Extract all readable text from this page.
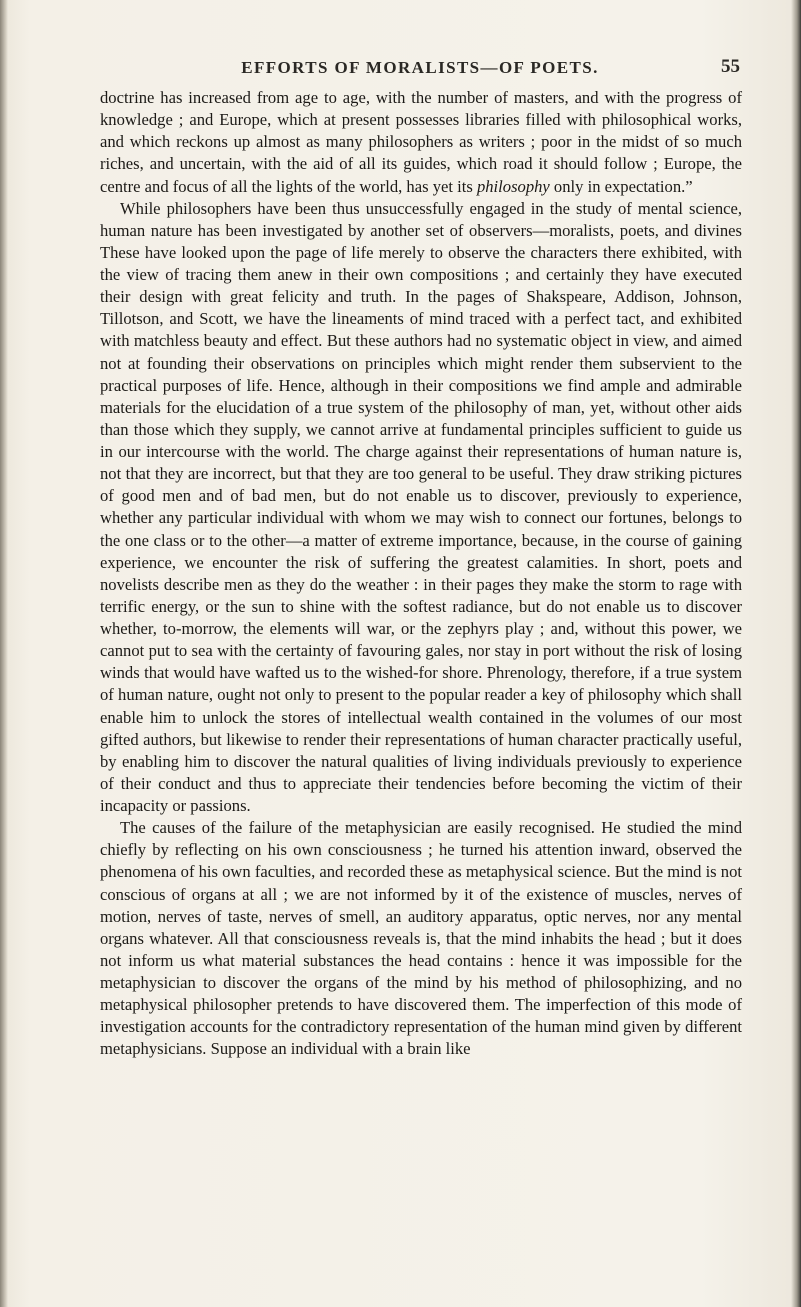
EFFORTS OF MORALISTS—OF POETS.	55

doctrine has increased from age to age, with the number of masters, and with the progress of knowledge ; and Europe, which at present possesses libraries filled with philosophical works, and which reckons up almost as many philosophers as writers ; poor in the midst of so much riches, and uncertain, with the aid of all its guides, which road it should follow ; Europe, the centre and focus of all the lights of the world, has yet its philosophy only in expectation.”

While philosophers have been thus unsuccessfully engaged in the study of mental science, human nature has been investigated by another set of observers—moralists, poets, and divines These have looked upon the page of life merely to observe the characters there exhibited, with the view of tracing them anew in their own compositions ; and certainly they have executed their design with great felicity and truth. In the pages of Shakspeare, Addison, Johnson, Tillotson, and Scott, we have the lineaments of mind traced with a perfect tact, and exhibited with matchless beauty and effect. But these authors had no systematic object in view, and aimed not at founding their observations on principles which might render them subservient to the practical purposes of life. Hence, although in their compositions we find ample and admirable materials for the elucidation of a true system of the philosophy of man, yet, without other aids than those which they supply, we cannot arrive at fundamental principles sufficient to guide us in our intercourse with the world. The charge against their representations of human nature is, not that they are incorrect, but that they are too general to be useful. They draw striking pictures of good men and of bad men, but do not enable us to discover, previously to experience, whether any particular individual with whom we may wish to connect our fortunes, belongs to the one class or to the other—a matter of extreme importance, because, in the course of gaining experience, we encounter the risk of suffering the greatest calamities. In short, poets and novelists describe men as they do the weather : in their pages they make the storm to rage with terrific energy, or the sun to shine with the softest radiance, but do not enable us to discover whether, to-morrow, the elements will war, or the zephyrs play ; and, without this power, we cannot put to sea with the certainty of favouring gales, nor stay in port without the risk of losing winds that would have wafted us to the wished-for shore. Phrenology, therefore, if a true system of human nature, ought not only to present to the popular reader a key of philosophy which shall enable him to unlock the stores of intellectual wealth contained in the volumes of our most gifted authors, but likewise to render their representations of human character practically useful, by enabling him to discover the natural qualities of living individuals previously to experience of their conduct and thus to appreciate their tendencies before becoming the victim of their incapacity or passions.

The causes of the failure of the metaphysician are easily recognised. He studied the mind chiefly by reflecting on his own consciousness ; he turned his attention inward, observed the phenomena of his own faculties, and recorded these as metaphysical science. But the mind is not conscious of organs at all ; we are not informed by it of the existence of muscles, nerves of motion, nerves of taste, nerves of smell, an auditory apparatus, optic nerves, nor any mental organs whatever. All that consciousness reveals is, that the mind inhabits the head ; but it does not inform us what material substances the head contains : hence it was impossible for the metaphysician to discover the organs of the mind by his method of philosophizing, and no metaphysical philosopher pretends to have discovered them. The imperfection of this mode of investigation accounts for the contradictory representation of the human mind given by different metaphysicians. Suppose an individual with a brain like
